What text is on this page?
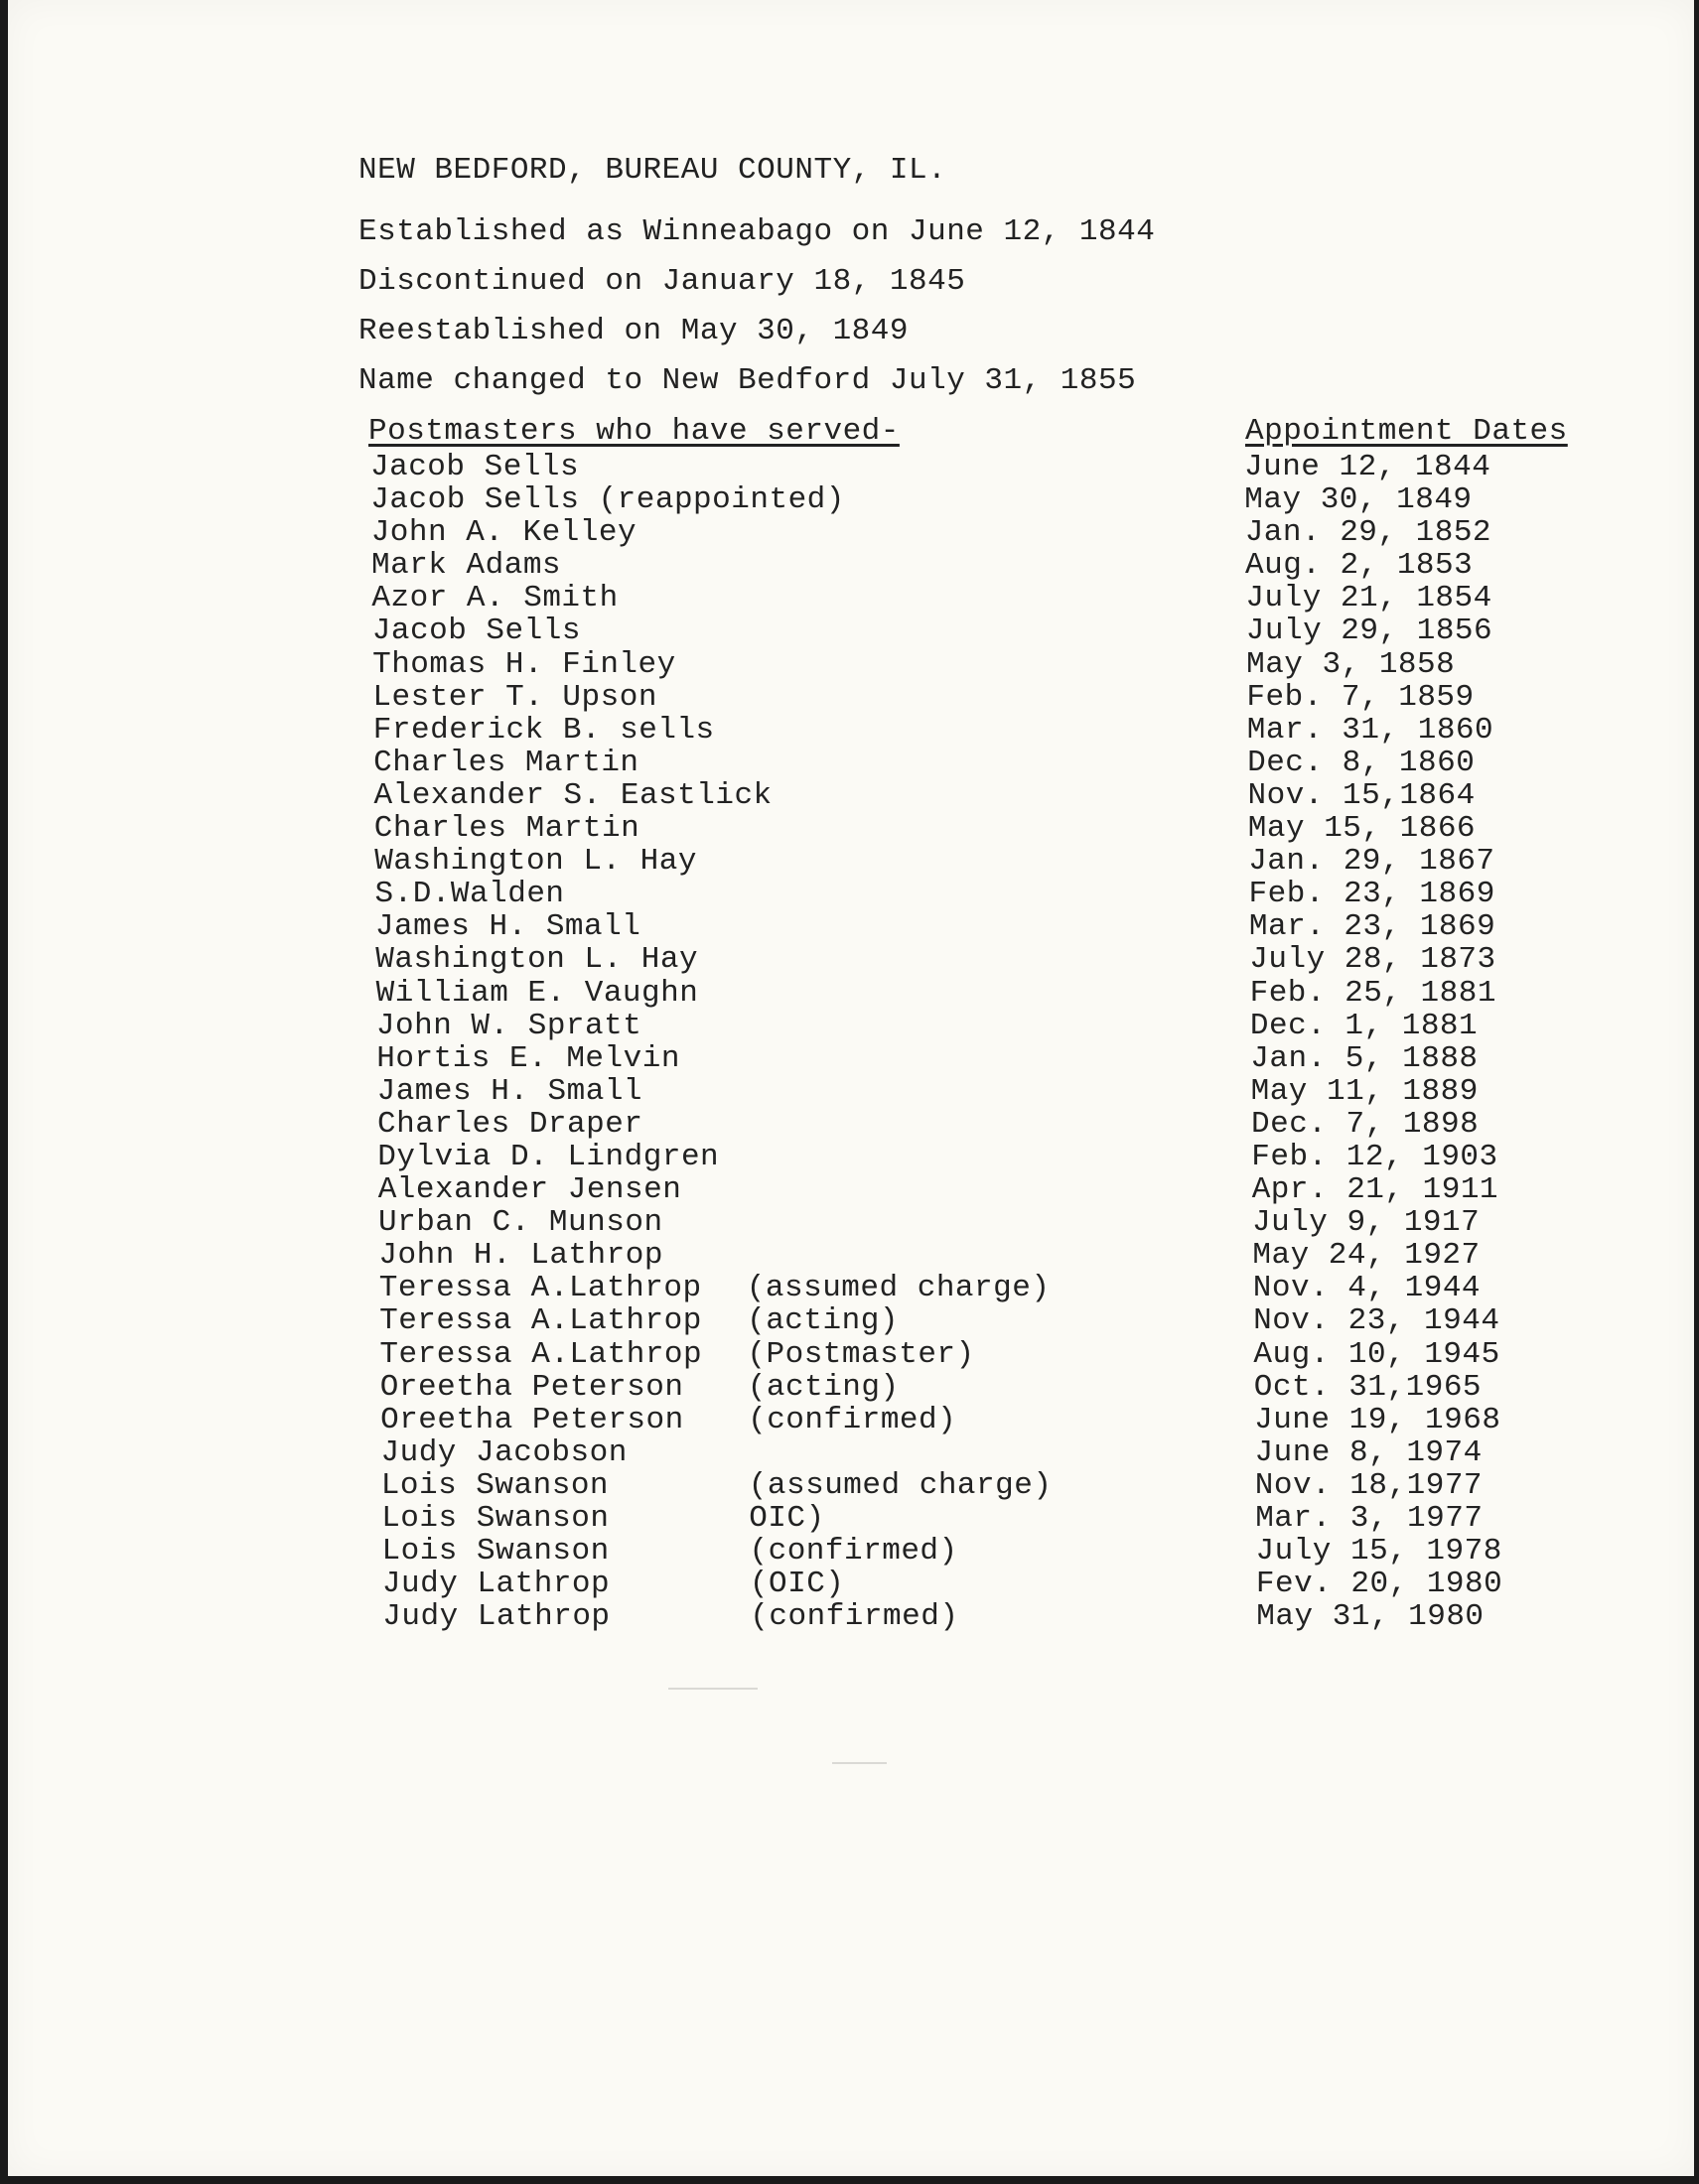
NEW BEDFORD, BUREAU COUNTY, IL.

Established as Winneabago on June 12, 1844

Discontinued on January 18, 1845

Reestablished on May 30, 1849

Name changed to New Bedford July 31, 1855

Postmasters who have served-	Appointment Dates
Jacob Sells	June 12, 1844
Jacob Sells (reappointed)	May 30, 1849
John A. Kelley	Jan. 29, 1852
Mark Adams	Aug. 2, 1853
Azor A. Smith	July 21, 1854
Jacob Sells	July 29, 1856
Thomas H. Finley	May 3, 1858
Lester T. Upson	Feb. 7, 1859
Frederick B. sells	Mar. 31, 1860
Charles Martin	Dec. 8, 1860
Alexander S. Eastlick	Nov. 15,1864
Charles Martin	May 15, 1866
Washington L. Hay	Jan. 29, 1867
S.D.Walden	Feb. 23, 1869
James H. Small	Mar. 23, 1869
Washington L. Hay	July 28, 1873
William E. Vaughn	Feb. 25, 1881
John W. Spratt	Dec. 1, 1881
Hortis E. Melvin	Jan. 5, 1888
James H. Small	May 11, 1889
Charles Draper	Dec. 7, 1898
Dylvia D. Lindgren	Feb. 12, 1903
Alexander Jensen	Apr. 21, 1911
Urban C. Munson	July 9, 1917
John H. Lathrop	May 24, 1927
Teressa A.Lathrop (assumed charge)	Nov. 4, 1944
Teressa A.Lathrop (acting)	Nov. 23, 1944
Teressa A.Lathrop (Postmaster)	Aug. 10, 1945
Oreetha Peterson (acting)	Oct. 31,1965
Oreetha Peterson (confirmed)	June 19, 1968
Judy Jacobson	June 8, 1974
Lois Swanson	(assumed charge)	Nov. 18,1977
Lois Swanson	OIC)	Mar. 3, 1977
Lois Swanson	(confirmed)	July 15, 1978
Judy Lathrop	(OIC)	Fev. 20, 1980
Judy Lathrop	(confirmed)	May 31, 1980
